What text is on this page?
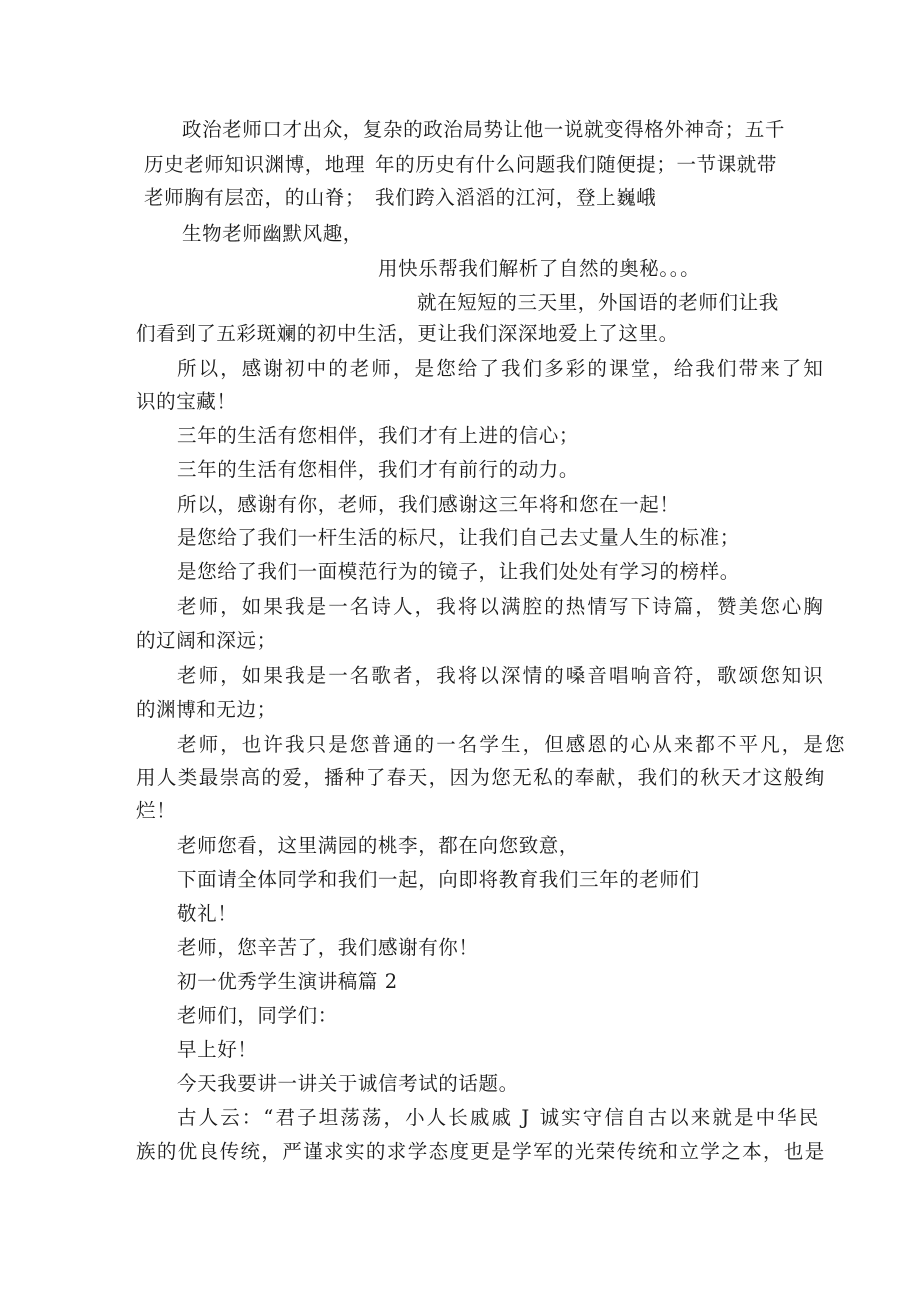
政治老师口才出众，复杂的政治局势让他一说就变得格外神奇；五千
历史老师知识渊博，地理 年的历史有什么问题我们随便提；一节课就带
老师胸有层峦，的山脊； 我们跨入滔滔的江河，登上巍峨
生物老师幽默风趣，
用快乐帮我们解析了自然的奥秘。。。
就在短短的三天里，外国语的老师们让我
们看到了五彩斑斓的初中生活，更让我们深深地爱上了这里。
所以，感谢初中的老师，是您给了我们多彩的课堂，给我们带来了知
识的宝藏！
三年的生活有您相伴，我们才有上进的信心；
三年的生活有您相伴，我们才有前行的动力。
所以，感谢有你，老师，我们感谢这三年将和您在一起！
是您给了我们一杆生活的标尺，让我们自己去丈量人生的标准；
是您给了我们一面模范行为的镜子，让我们处处有学习的榜样。
老师，如果我是一名诗人，我将以满腔的热情写下诗篇，赞美您心胸
的辽阔和深远；
老师，如果我是一名歌者，我将以深情的嗓音唱响音符，歌颂您知识
的渊博和无边；
老师，也许我只是您普通的一名学生，但感恩的心从来都不平凡，是您
用人类最崇高的爱，播种了春天，因为您无私的奉献，我们的秋天才这般绚
烂！
老师您看，这里满园的桃李，都在向您致意，
下面请全体同学和我们一起，向即将教育我们三年的老师们
敬礼！
老师，您辛苦了，我们感谢有你！
初一优秀学生演讲稿篇 2
老师们，同学们：
早上好！
今天我要讲一讲关于诚信考试的话题。
古人云：“君子坦荡荡，小人长戚戚 J 诚实守信自古以来就是中华民
族的优良传统，严谨求实的求学态度更是学军的光荣传统和立学之本，也是
